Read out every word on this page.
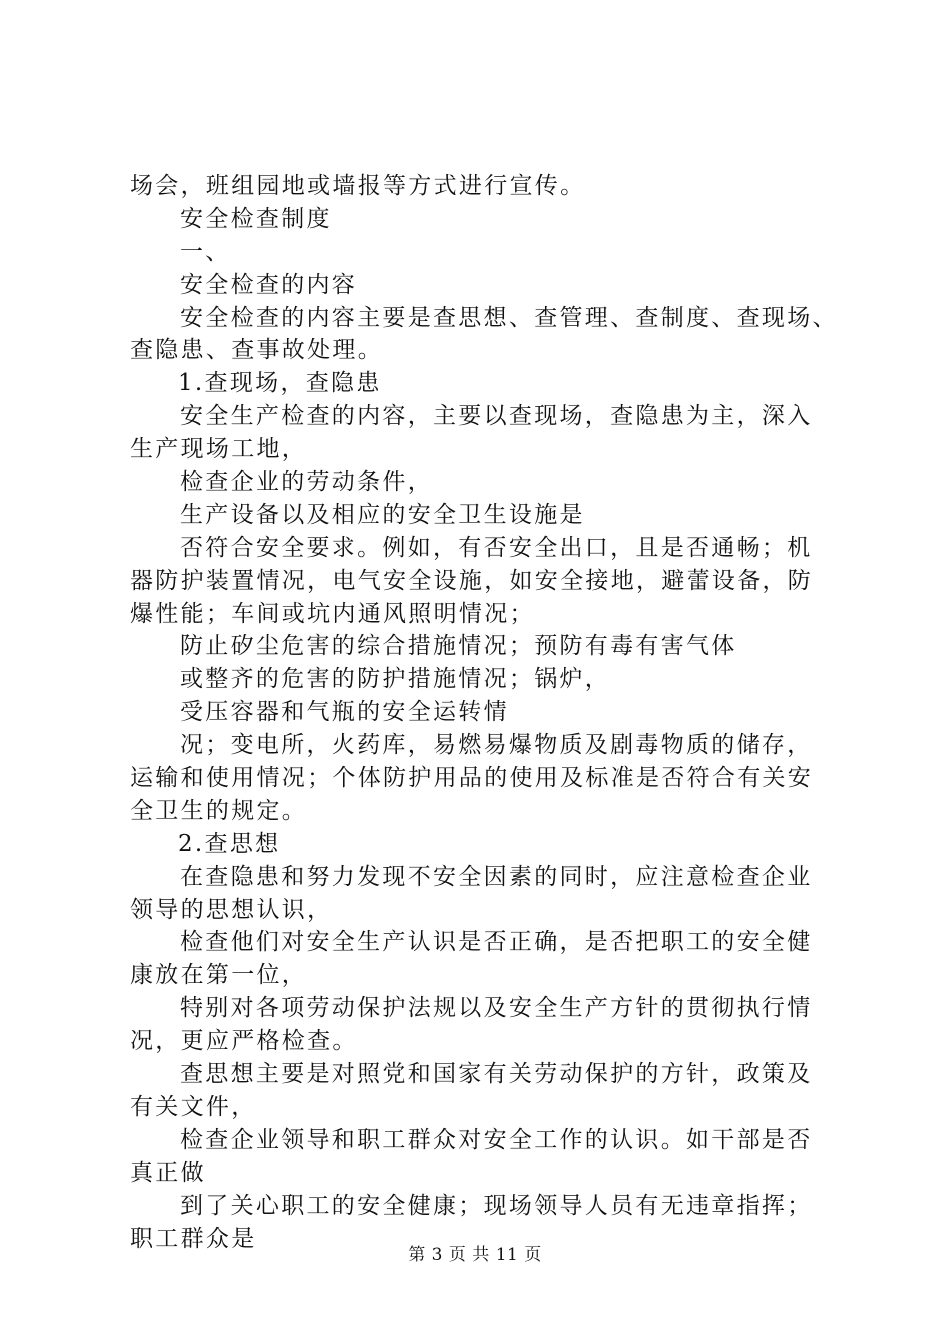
场会，班组园地或墙报等方式进行宣传。
安全检查制度
一、
安全检查的内容
安全检查的内容主要是查思想、查管理、查制度、查现场、
查隐患、查事故处理。
1.查现场，查隐患
安全生产检查的内容，主要以查现场，查隐患为主，深入
生产现场工地，
检查企业的劳动条件，
生产设备以及相应的安全卫生设施是
否符合安全要求。例如，有否安全出口，且是否通畅；机
器防护装置情况，电气安全设施，如安全接地，避蕾设备，防
爆性能；车间或坑内通风照明情况；
防止矽尘危害的综合措施情况；预防有毒有害气体
或整齐的危害的防护措施情况；锅炉，
受压容器和气瓶的安全运转情
况；变电所，火药库，易燃易爆物质及剧毒物质的储存，
运输和使用情况；个体防护用品的使用及标准是否符合有关安
全卫生的规定。
2.查思想
在查隐患和努力发现不安全因素的同时，应注意检查企业
领导的思想认识，
检查他们对安全生产认识是否正确，是否把职工的安全健
康放在第一位，
特别对各项劳动保护法规以及安全生产方针的贯彻执行情
况，更应严格检查。
查思想主要是对照党和国家有关劳动保护的方针，政策及
有关文件，
检查企业领导和职工群众对安全工作的认识。如干部是否
真正做
到了关心职工的安全健康；现场领导人员有无违章指挥；
职工群众是
第 3 页 共 11 页
